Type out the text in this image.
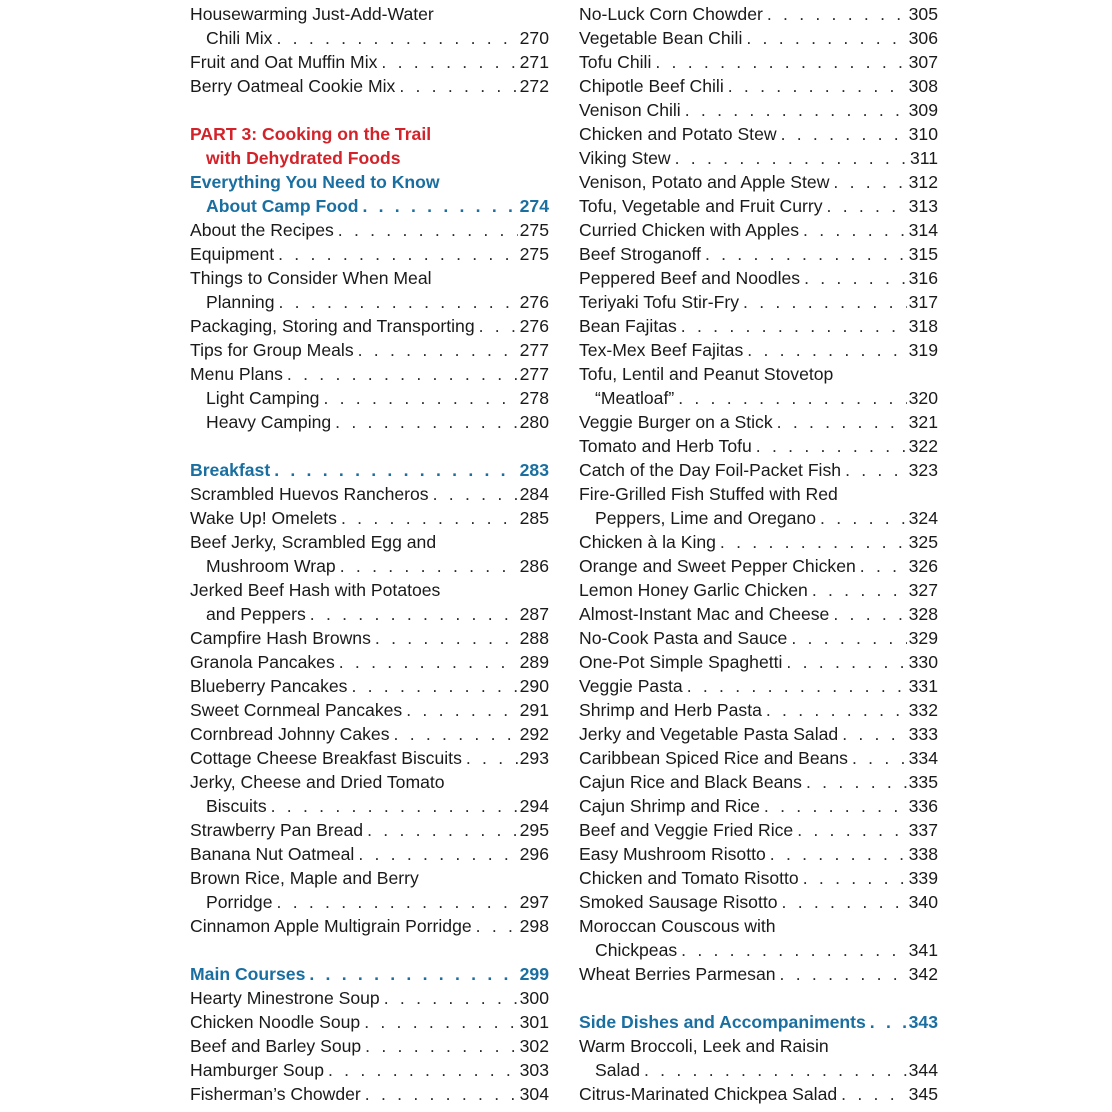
Housewarming Just-Add-Water
Chili Mix . . .	270
Fruit and Oat Muffin Mix . . .	271
Berry Oatmeal Cookie Mix . . .	272
PART 3: Cooking on the Trail
with Dehydrated Foods
Everything You Need to Know
About Camp Food . . .	274
About the Recipes . . .	275
Equipment . . .	275
Things to Consider When Meal
Planning . . .	276
Packaging, Storing and Transporting . . .	276
Tips for Group Meals . . .	277
Menu Plans . . .	277
Light Camping . . .	278
Heavy Camping . . .	280
Breakfast . . .	283
Scrambled Huevos Rancheros . . .	284
Wake Up! Omelets . . .	285
Beef Jerky, Scrambled Egg and
Mushroom Wrap . . .	286
Jerked Beef Hash with Potatoes
and Peppers . . .	287
Campfire Hash Browns . . .	288
Granola Pancakes . . .	289
Blueberry Pancakes . . .	290
Sweet Cornmeal Pancakes . . .	291
Cornbread Johnny Cakes . . .	292
Cottage Cheese Breakfast Biscuits . . .	293
Jerky, Cheese and Dried Tomato
Biscuits . . .	294
Strawberry Pan Bread . . .	295
Banana Nut Oatmeal . . .	296
Brown Rice, Maple and Berry
Porridge . . .	297
Cinnamon Apple Multigrain Porridge . . .	298
Main Courses . . .	299
Hearty Minestrone Soup . . .	300
Chicken Noodle Soup . . .	301
Beef and Barley Soup . . .	302
Hamburger Soup . . .	303
Fisherman’s Chowder . . .	304
No-Luck Corn Chowder . . .	305
Vegetable Bean Chili . . .	306
Tofu Chili . . .	307
Chipotle Beef Chili . . .	308
Venison Chili . . .	309
Chicken and Potato Stew . . .	310
Viking Stew . . .	311
Venison, Potato and Apple Stew . . .	312
Tofu, Vegetable and Fruit Curry . . .	313
Curried Chicken with Apples . . .	314
Beef Stroganoff . . .	315
Peppered Beef and Noodles . . .	316
Teriyaki Tofu Stir-Fry . . .	317
Bean Fajitas . . .	318
Tex-Mex Beef Fajitas . . .	319
Tofu, Lentil and Peanut Stovetop
“Meatloaf” . . .	320
Veggie Burger on a Stick . . .	321
Tomato and Herb Tofu . . .	322
Catch of the Day Foil-Packet Fish . . .	323
Fire-Grilled Fish Stuffed with Red
Peppers, Lime and Oregano . . .	324
Chicken à la King . . .	325
Orange and Sweet Pepper Chicken . . .	326
Lemon Honey Garlic Chicken . . .	327
Almost-Instant Mac and Cheese . . .	328
No-Cook Pasta and Sauce . . .	329
One-Pot Simple Spaghetti . . .	330
Veggie Pasta . . .	331
Shrimp and Herb Pasta . . .	332
Jerky and Vegetable Pasta Salad . . .	333
Caribbean Spiced Rice and Beans . . .	334
Cajun Rice and Black Beans . . .	335
Cajun Shrimp and Rice . . .	336
Beef and Veggie Fried Rice . . .	337
Easy Mushroom Risotto . . .	338
Chicken and Tomato Risotto . . .	339
Smoked Sausage Risotto . . .	340
Moroccan Couscous with
Chickpeas . . .	341
Wheat Berries Parmesan . . .	342
Side Dishes and Accompaniments . . . 343
Warm Broccoli, Leek and Raisin
Salad . . .	344
Citrus-Marinated Chickpea Salad . . .	345
